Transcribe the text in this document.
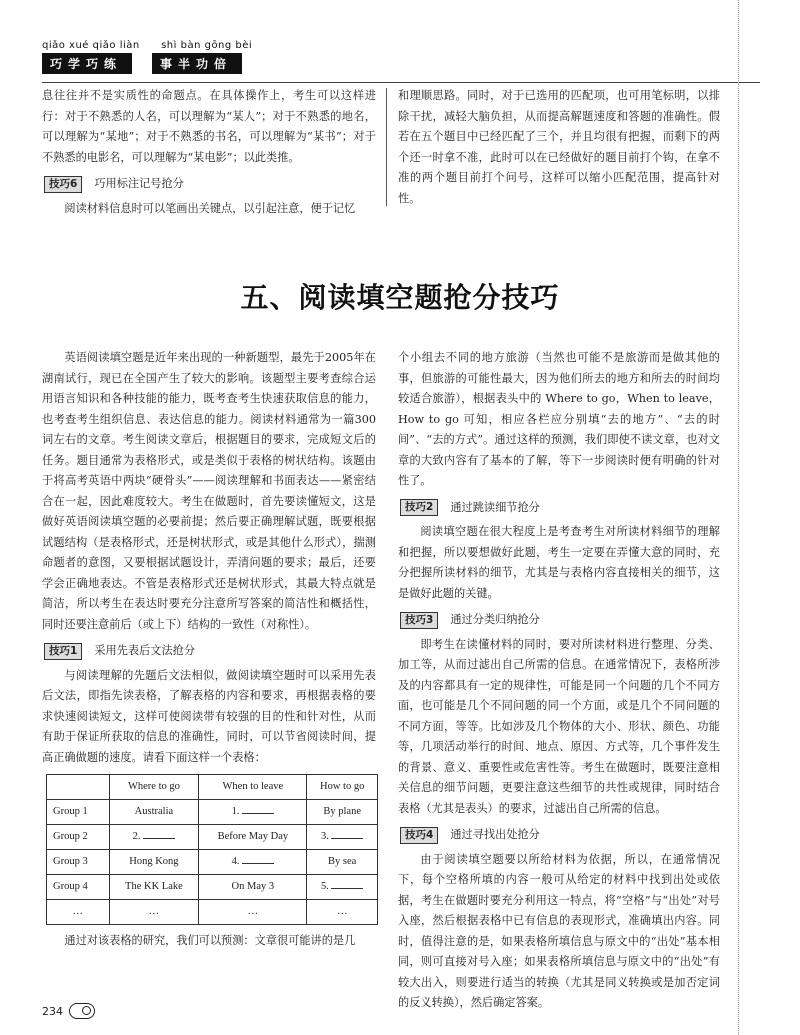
qiǎo xué qiǎo liàn shì bàn gōng bèi
巧学巧练	事半功倍

息往往并不是实质性的命题点。在具体操作上，考生可以这样进行：对于不熟悉的人名，可以理解为“某人”；对于不熟悉的地名，可以理解为“某地”；对于不熟悉的书名，可以理解为“某书”；对于不熟悉的电影名，可以理解为“某电影”；以此类推。

技巧6	巧用标注记号抢分

阅读材料信息时可以笔画出关键点，以引起注意，便于记忆

和理顺思路。同时，对于已选用的匹配项，也可用笔标明，以排除干扰，减轻大脑负担，从而提高解题速度和答题的准确性。假若在五个题目中已经匹配了三个，并且均很有把握，而剩下的两个还一时拿不准，此时可以在已经做好的题目前打个钩，在拿不准的两个题目前打个问号，这样可以缩小匹配范围，提高针对性。

五、阅读填空题抢分技巧

英语阅读填空题是近年来出现的一种新题型，最先于2005年在湖南试行，现已在全国产生了较大的影响。该题型主要考查综合运用语言知识和各种技能的能力，既考查考生快速获取信息的能力，也考查考生组织信息、表达信息的能力。阅读材料通常为一篇300词左右的文章。考生阅读文章后，根据题目的要求，完成短文后的任务。题目通常为表格形式，或是类似于表格的树状结构。该题由于将高考英语中两块“硬骨头”——阅读理解和书面表达——紧密结合在一起，因此难度较大。考生在做题时，首先要读懂短文，这是做好英语阅读填空题的必要前提；然后要正确理解试题，既要根据试题结构（是表格形式，还是树状形式，或是其他什么形式），揣测命题者的意图，又要根据试题设计，弄清问题的要求；最后，还要学会正确地表达。不管是表格形式还是树状形式，其最大特点就是简洁，所以考生在表达时要充分注意所写答案的简洁性和概括性，同时还要注意前后（或上下）结构的一致性（对称性）。

技巧1	采用先表后文法抢分

与阅读理解的先题后文法相似，做阅读填空题时可以采用先表后文法，即指先读表格，了解表格的内容和要求，再根据表格的要求快速阅读短文，这样可使阅读带有较强的目的性和针对性，从而有助于保证所获取的信息的准确性，同时，可以节省阅读时间，提高正确做题的速度。请看下面这样一个表格：

	Where to go	When to leave	How to go
Group 1	Australia	1.	By plane
Group 2	2.	Before May Day	3.
Group 3	Hong Kong	4.	By sea
Group 4	The KK Lake	On May 3	5.
…	…	…	…

通过对该表格的研究，我们可以预测：文章很可能讲的是几

个小组去不同的地方旅游（当然也可能不是旅游而是做其他的事，但旅游的可能性最大，因为他们所去的地方和所去的时间均较适合旅游），根据表头中的 Where to go，When to leave，How to go 可知，相应各栏应分别填“去的地方”、“去的时间”、“去的方式”。通过这样的预测，我们即使不读文章，也对文章的大致内容有了基本的了解，等下一步阅读时便有明确的针对性了。

技巧2	通过跳读细节抢分

阅读填空题在很大程度上是考查考生对所读材料细节的理解和把握，所以要想做好此题，考生一定要在弄懂大意的同时，充分把握所读材料的细节，尤其是与表格内容直接相关的细节，这是做好此题的关键。

技巧3	通过分类归纳抢分

即考生在读懂材料的同时，要对所读材料进行整理、分类、加工等，从而过滤出自己所需的信息。在通常情况下，表格所涉及的内容都具有一定的规律性，可能是同一个问题的几个不同方面，也可能是几个不同问题的同一个方面，或是几个不同问题的不同方面，等等。比如涉及几个物体的大小、形状、颜色、功能等，几项活动举行的时间、地点、原因、方式等，几个事件发生的背景、意义、重要性或危害性等。考生在做题时，既要注意相关信息的细节问题，更要注意这些细节的共性或规律，同时结合表格（尤其是表头）的要求，过滤出自己所需的信息。

技巧4	通过寻找出处抢分

由于阅读填空题要以所给材料为依据，所以，在通常情况下，每个空格所填的内容一般可从给定的材料中找到出处或依据，考生在做题时要充分利用这一特点，将“空格”与“出处”对号入座，然后根据表格中已有信息的表现形式，准确填出内容。同时，值得注意的是，如果表格所填信息与原文中的“出处”基本相同，则可直接对号入座；如果表格所填信息与原文中的“出处”有较大出入，则要进行适当的转换（尤其是同义转换或是加否定词的反义转换），然后确定答案。

234
